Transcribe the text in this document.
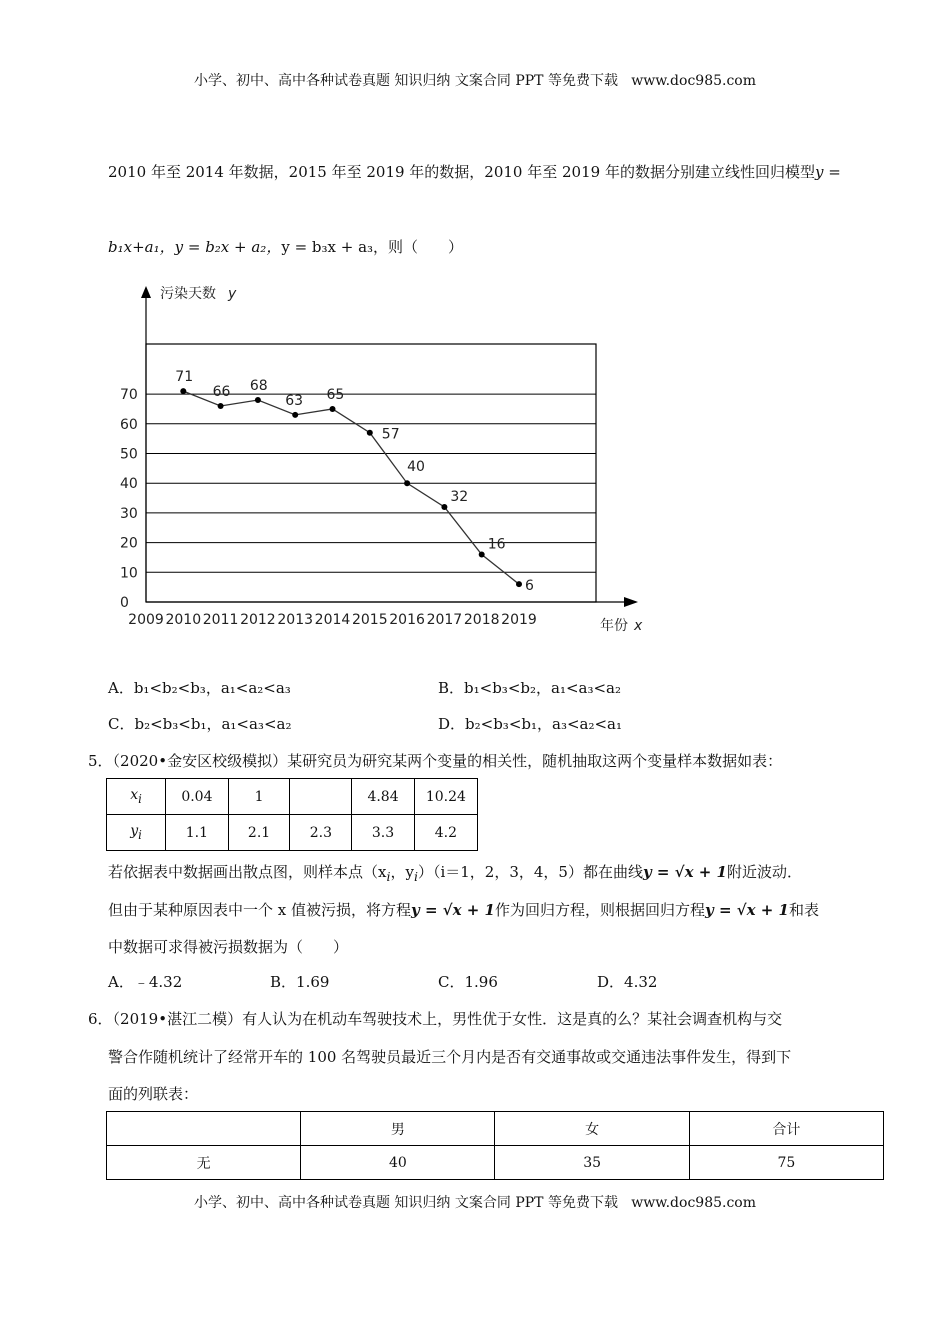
小学、初中、高中各种试卷真题 知识归纳 文案合同 PPT 等免费下载   www.doc985.com
2010 年至 2014 年数据，2015 年至 2019 年的数据，2010 年至 2019 年的数据分别建立线性回归模型y =
b₁x+a₁，y = b₂x + a₂，y = b₃x + a₃，则（　　）
0
10
20
30
40
50
60
70
2009 2010 2011 2012 2013 2014 2015 2016 2017 2018 2019
污染天数 y
年份 x
71
66 68
63 65
57
40
32
16
6
A．b₁<b₂<b₃，a₁<a₂<a₃	B．b₁<b₃<b₂，a₁<a₃<a₂
C．b₂<b₃<b₁，a₁<a₃<a₂	D．b₂<b₃<b₁，a₃<a₂<a₁
5．（2020•金安区校级模拟）某研究员为研究某两个变量的相关性，随机抽取这两个变量样本数据如表：
$x_i$	0.04	1		4.84	10.24
$y_i$	1.1	2.1	2.3	3.3	4.2
若依据表中数据画出散点图，则样本点（$x_i$，$y_i)(i=1$，2，3，4，5）都在曲线y = √x + 1附近波动．
但由于某种原因表中一个 x 值被污损，将方程y = √x + 1作为回归方程，则根据回归方程y = √x + 1和表
中数据可求得被污损数据为（　　）
A．﹣4.32	B．1.69	C．1.96	D．4.32
6．（2019•湛江二模）有人认为在机动车驾驶技术上，男性优于女性．这是真的么？某社会调查机构与交
警合作随机统计了经常开车的 100 名驾驶员最近三个月内是否有交通事故或交通违法事件发生，得到下
面的列联表：
	男	女	合计
无	40	35	75
小学、初中、高中各种试卷真题 知识归纳 文案合同 PPT 等免费下载   www.doc985.com
